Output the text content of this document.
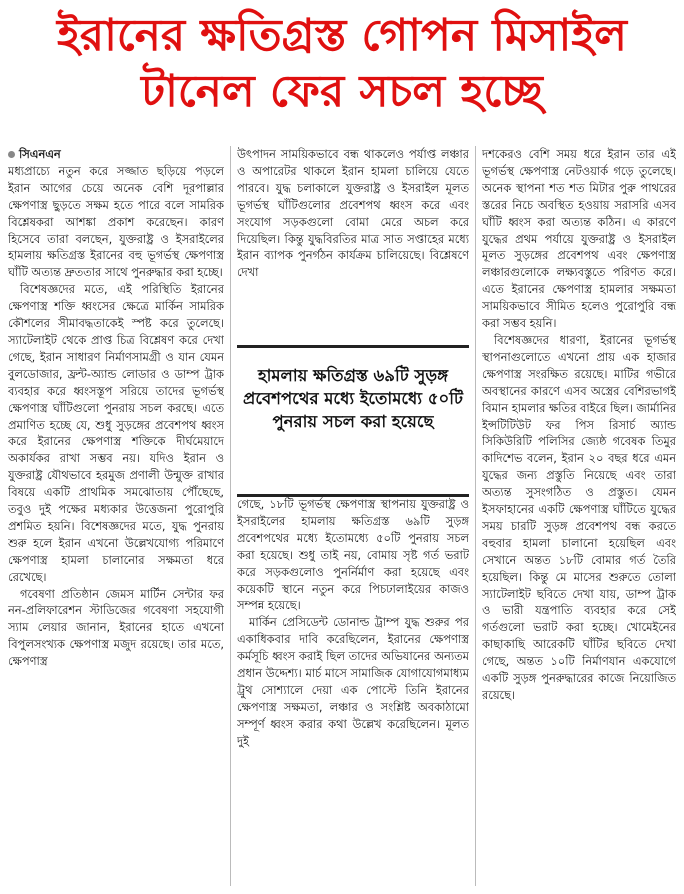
ইরানের ক্ষতিগ্রস্ত গোপন মিসাইল
টানেল ফের সচল হচ্ছে
সিএনএন

মধ্যপ্রাচ্যে নতুন করে সজ্জাত ছড়িয়ে পড়লে ইরান আগের চেয়ে অনেক বেশি দূরপাল্লার ক্ষেপণাস্ত্র ছুড়তে সক্ষম হতে পারে বলে সামরিক বিশ্লেষকরা আশঙ্কা প্রকাশ করেছেন। কারণ হিসেবে তারা বলছেন, যুক্তরাষ্ট্র ও ইসরাইলের হামলায় ক্ষতিগ্রস্ত ইরানের বহু ভূগর্ভস্থ ক্ষেপণাস্ত্র ঘাঁটি অত্যন্ত দ্রুততার সাথে পুনরুদ্ধার করা হচ্ছে।

বিশেষজ্ঞদের মতে, এই পরিস্থিতি ইরানের ক্ষেপণাস্ত্র শক্তি ধ্বংসের ক্ষেত্রে মার্কিন সামরিক কৌশলের সীমাবদ্ধতাকেই স্পষ্ট করে তুলেছে। স্যাটেলাইট থেকে প্রাপ্ত চিত্র বিশ্লেষণ করে দেখা গেছে, ইরান সাধারণ নির্মাণসামগ্রী ও যান যেমন বুলডোজার, ফ্রন্ট-অ্যান্ড লোডার ও ডাম্প ট্রাক ব্যবহার করে ধ্বংসস্তূপ সরিয়ে তাদের ভূগর্ভস্থ ক্ষেপণাস্ত্র ঘাঁটিগুলো পুনরায় সচল করছে। এতে প্রমাণিত হচ্ছে যে, শুধু সুড়ঙ্গের প্রবেশপথ ধ্বংস করে ইরানের ক্ষেপণাস্ত্র শক্তিকে দীর্ঘমেয়াদে অকার্যকর রাখা সম্ভব নয়। যদিও ইরান ও যুক্তরাষ্ট্র যৌথভাবে হরমুজ প্রণালী উন্মুক্ত রাখার বিষয়ে একটি প্রাথমিক সমঝোতায় পৌঁছেছে, তবুও দুই পক্ষের মধ্যকার উত্তেজনা পুরোপুরি প্রশমিত হয়নি। বিশেষজ্ঞদের মতে, যুদ্ধ পুনরায় শুরু হলে ইরান এখনো উল্লেখযোগ্য পরিমাণে ক্ষেপণাস্ত্র হামলা চালানোর সক্ষমতা ধরে রেখেছে।

গবেষণা প্রতিষ্ঠান জেমস মার্টিন সেন্টার ফর নন-প্রলিফারেশন স্টাডিজের গবেষণা সহযোগী স্যাম লেয়ার জানান, ইরানের হাতে এখনো বিপুলসংখ্যক ক্ষেপণাস্ত্র মজুদ রয়েছে। তার মতে, ক্ষেপণাস্ত্র

উৎপাদন সাময়িকভাবে বন্ধ থাকলেও পর্যাপ্ত লঞ্চার ও অপারেটর থাকলে ইরান হামলা চালিয়ে যেতে পারবে। যুদ্ধ চলাকালে যুক্তরাষ্ট্র ও ইসরাইল মূলত ভূগর্ভস্থ ঘাঁটিগুলোর প্রবেশপথ ধ্বংস করে এবং সংযোগ সড়কগুলো বোমা মেরে অচল করে দিয়েছিল। কিন্তু যুদ্ধবিরতির মাত্র সাত সপ্তাহের মধ্যে ইরান ব্যাপক পুনর্গঠন কার্যক্রম চালিয়েছে। বিশ্লেষণে দেখা

হামলায় ক্ষতিগ্রস্ত ৬৯টি সুড়ঙ্গ প্রবেশপথের মধ্যে ইতোমধ্যে ৫০টি পুনরায় সচল করা হয়েছে

গেছে, ১৮টি ভূগর্ভস্থ ক্ষেপণাস্ত্র স্থাপনায় যুক্তরাষ্ট্র ও ইসরাইলের হামলায় ক্ষতিগ্রস্ত ৬৯টি সুড়ঙ্গ প্রবেশপথের মধ্যে ইতোমধ্যে ৫০টি পুনরায় সচল করা হয়েছে। শুধু তাই নয়, বোমায় সৃষ্ট গর্ত ভরাট করে সড়কগুলোও পুনর্নির্মাণ করা হয়েছে এবং কয়েকটি স্থানে নতুন করে পিচঢালাইয়ের কাজও সম্পন্ন হয়েছে।

মার্কিন প্রেসিডেন্ট ডোনাল্ড ট্রাম্প যুদ্ধ শুরুর পর একাধিকবার দাবি করেছিলেন, ইরানের ক্ষেপণাস্ত্র কর্মসূচি ধ্বংস করাই ছিল তাদের অভিযানের অন্যতম প্রধান উদ্দেশ্য। মার্চ মাসে সামাজিক যোগাযোগমাধ্যম ট্রুথ সোশ্যালে দেয়া এক পোস্টে তিনি ইরানের ক্ষেপণাস্ত্র সক্ষমতা, লঞ্চার ও সংশ্লিষ্ট অবকাঠামো সম্পূর্ণ ধ্বংস করার কথা উল্লেখ করেছিলেন। মূলত দুই

দশকেরও বেশি সময় ধরে ইরান তার এই ভূগর্ভস্থ ক্ষেপণাস্ত্র নেটওয়ার্ক গড়ে তুলেছে। অনেক স্থাপনা শত শত মিটার পুরু পাথরের স্তরের নিচে অবস্থিত হওয়ায় সরাসরি এসব ঘাঁটি ধ্বংস করা অত্যন্ত কঠিন। এ কারণে যুদ্ধের প্রথম পর্যায়ে যুক্তরাষ্ট্র ও ইসরাইল মূলত সুড়ঙ্গের প্রবেশপথ এবং ক্ষেপণাস্ত্র লঞ্চারগুলোকে লক্ষ্যবস্তুতে পরিণত করে। এতে ইরানের ক্ষেপণাস্ত্র হামলার সক্ষমতা সাময়িকভাবে সীমিত হলেও পুরোপুরি বন্ধ করা সম্ভব হয়নি।

বিশেষজ্ঞদের ধারণা, ইরানের ভূগর্ভস্থ স্থাপনাগুলোতে এখনো প্রায় এক হাজার ক্ষেপণাস্ত্র সংরক্ষিত রয়েছে। মাটির গভীরে অবস্থানের কারণে এসব অস্ত্রের বেশিরভাগই বিমান হামলার ক্ষতির বাইরে ছিল। জার্মানির ইন্সটিটিউট ফর পিস রিসার্চ অ্যান্ড সিকিউরিটি পলিসির জ্যেষ্ঠ গবেষক তিমুর কাদিশেভ বলেন, ইরান ২০ বছর ধরে এমন যুদ্ধের জন্য প্রস্তুতি নিয়েছে এবং তারা অত্যন্ত সুসংগঠিত ও প্রস্তুত। যেমন ইসফাহানের একটি ক্ষেপণাস্ত্র ঘাঁটিতে যুদ্ধের সময় চারটি সুড়ঙ্গ প্রবেশপথ বন্ধ করতে বহুবার হামলা চালানো হয়েছিল এবং সেখানে অন্তত ১৮টি বোমার গর্ত তৈরি হয়েছিল। কিন্তু মে মাসের শুরুতে তোলা স্যাটেলাইট ছবিতে দেখা যায়, ডাম্প ট্রাক ও ভারী যন্ত্রপাতি ব্যবহার করে সেই গর্তগুলো ভরাট করা হচ্ছে। খোমেইনের কাছাকাছি আরেকটি ঘাঁটির ছবিতে দেখা গেছে, অন্তত ১০টি নির্মাণযান একযোগে একটি সুড়ঙ্গ পুনরুদ্ধারের কাজে নিয়োজিত রয়েছে।
